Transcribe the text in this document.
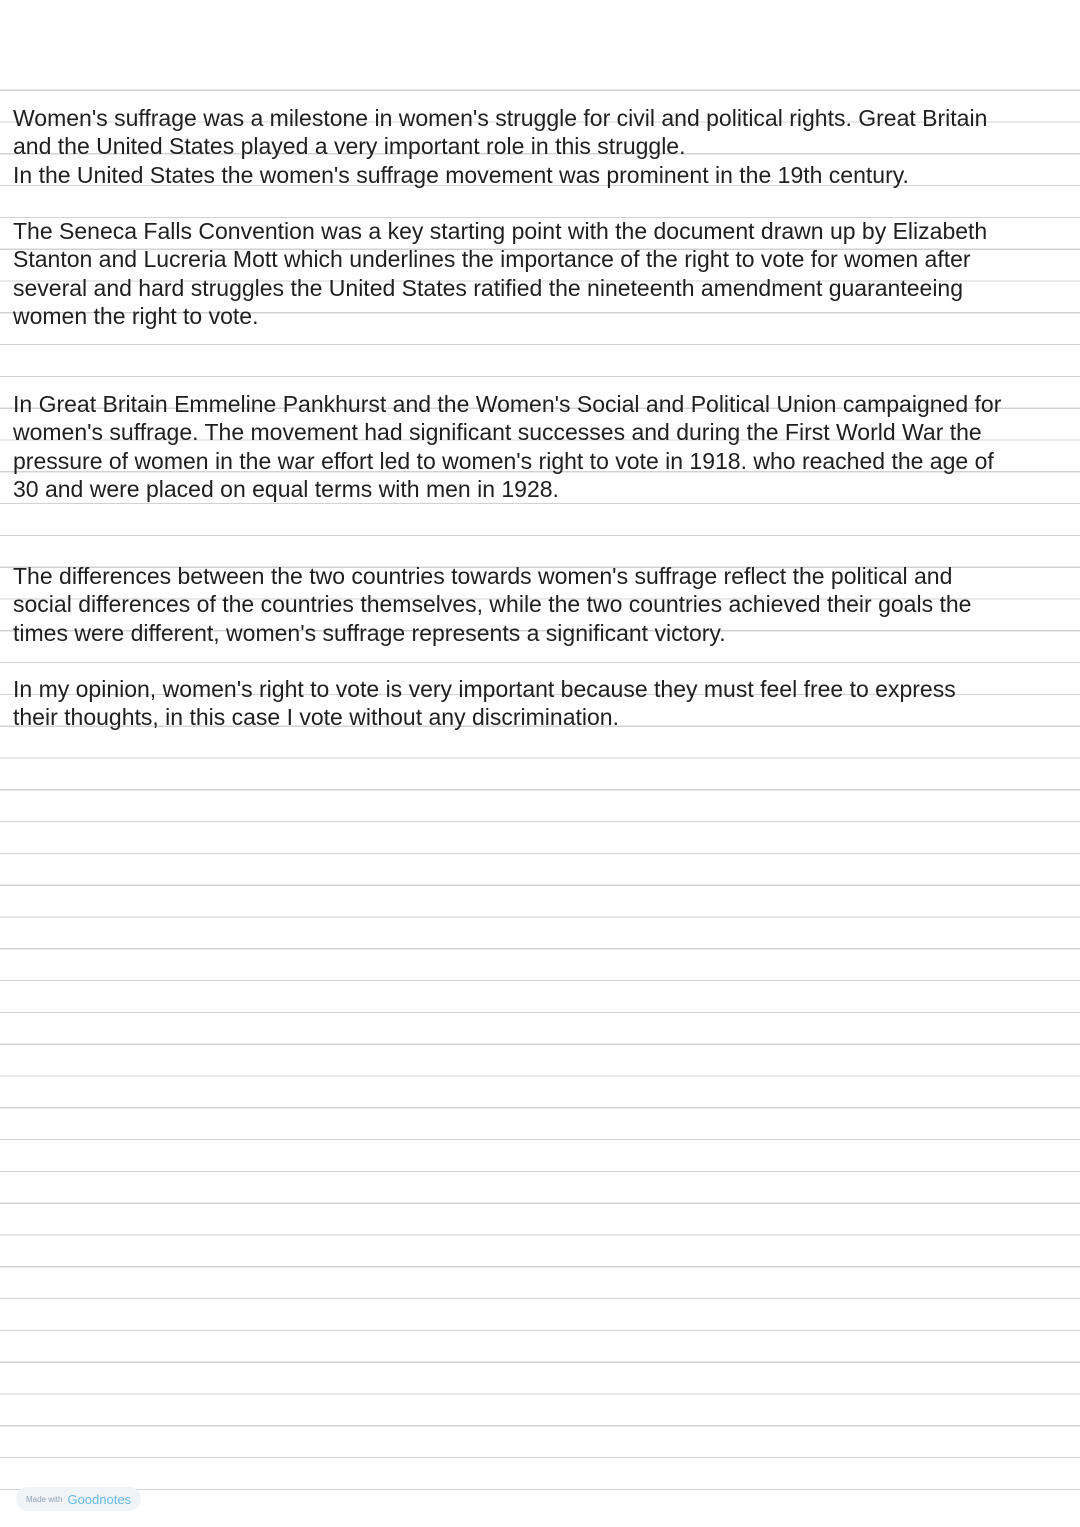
Women's suffrage was a milestone in women's struggle for civil and political rights. Great Britain
and the United States played a very important role in this struggle.
In the United States the women's suffrage movement was prominent in the 19th century.

The Seneca Falls Convention was a key starting point with the document drawn up by Elizabeth
Stanton and Lucreria Mott which underlines the importance of the right to vote for women after
several and hard struggles the United States ratified the nineteenth amendment guaranteeing
women the right to vote.

In Great Britain Emmeline Pankhurst and the Women's Social and Political Union campaigned for
women's suffrage. The movement had significant successes and during the First World War the
pressure of women in the war effort led to women's right to vote in 1918. who reached the age of
30 and were placed on equal terms with men in 1928.

The differences between the two countries towards women's suffrage reflect the political and
social differences of the countries themselves, while the two countries achieved their goals the
times were different, women's suffrage represents a significant victory.

In my opinion, women's right to vote is very important because they must feel free to express
their thoughts, in this case I vote without any discrimination.

Made with Goodnotes
